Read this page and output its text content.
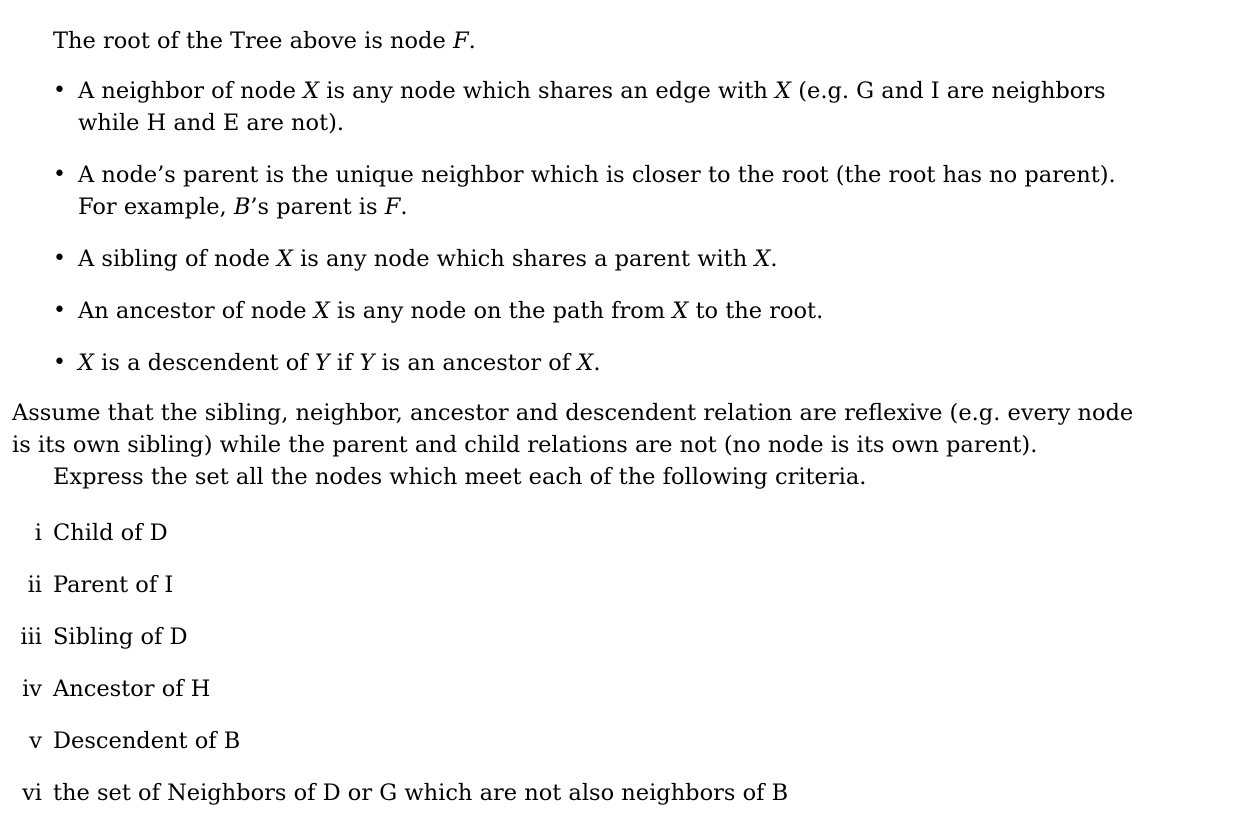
The root of the Tree above is node F.
• A neighbor of node X is any node which shares an edge with X (e.g. G and I are neighbors
while H and E are not).
• A node’s parent is the unique neighbor which is closer to the root (the root has no parent).
For example, B’s parent is F.
• A sibling of node X is any node which shares a parent with X.
• An ancestor of node X is any node on the path from X to the root.
• X is a descendent of Y if Y is an ancestor of X.
Assume that the sibling, neighbor, ancestor and descendent relation are reflexive (e.g. every node
is its own sibling) while the parent and child relations are not (no node is its own parent).
Express the set all the nodes which meet each of the following criteria.
i Child of D
ii Parent of I
iii Sibling of D
iv Ancestor of H
v Descendent of B
vi the set of Neighbors of D or G which are not also neighbors of B
